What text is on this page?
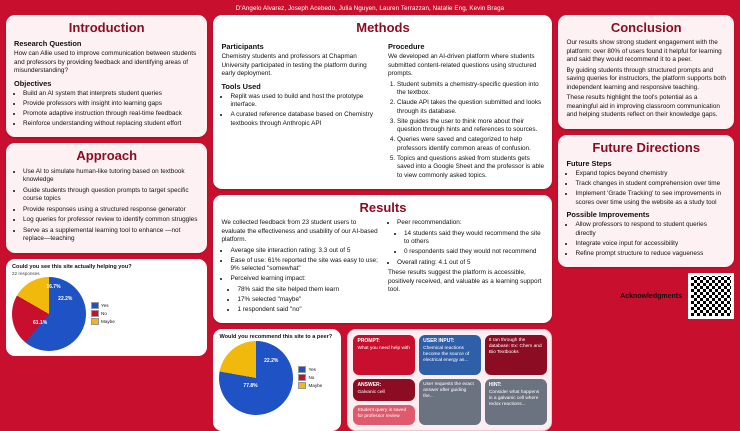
D'Angelo Alvarez, Joseph Acebedo, Julia Nguyen, Lauren Terrazzan, Natalie Eng, Kevin Braga
Introduction
Research Question

How can Allie used to improve communication between students and professors by providing feedback and identifying areas of misunderstanding?

Objectives
• Build an AI system that interprets student queries
• Provide professors with insight into learning gaps
• Promote adaptive instruction through real-time feedback
• Reinforce understanding without replacing student effort
Approach
• Use AI to simulate human-like tutoring based on textbook knowledge
• Guide students through question prompts to target specific course topics
• Provide responses using a structured response generator
• Log queries for professor review to identify common struggles
• Serve as a supplemental learning tool to enhance —not replace—teaching
Could you see this site actually helping you?
22 responses
61.1%
22.2%
16.7%
Yes
No
Maybe
Methods
Participants

Chemistry students and professors at Chapman University participated in testing the platform during early deployment.

Tools Used
• Replit was used to build and host the prototype interface.
• A curated reference database based on Chemistry textbooks through Anthropic API
Procedure

We developed an AI-driven platform where students submitted content-related questions using structured prompts.

1. Student submits a chemistry-specific question into the textbox.
2. Claude API takes the question submitted and looks through its database.
3. Site guides the user to think more about their question through hints and references to sources.
4. Queries were saved and categorized to help professors identify common areas of confusion.
5. Topics and questions asked from students gets saved into a Google Sheet and the professor is able to view commonly asked topics.
Results

We collected feedback from 23 student users to evaluate the effectiveness and usability of our AI-based platform.

• Average site interaction rating: 3.3 out of 5
• Ease of use: 61% reported the site was easy to use; 9% selected "somewhat"
• Perceived learning impact:
• 78% said the site helped them learn
• 17% selected "maybe"
• 1 respondent said "no"
• Peer recommendation:
• 14 students said they would recommend the site to others
• 0 respondents said they would not recommend
• Overall rating: 4.1 out of 5

These results suggest the platform is accessible, positively received, and valuable as a learning support tool.

Would you recommend this site to a peer?
77.8%
22.2%
Yes
No
Maybe
PROMPT:
What you need help with
ANSWER:
Galvanic cell
Student query is saved for professor review
USER INPUT:
Chemical reactions become the source of electrical energy as...
User requests the exact answer after guiding the...
It ran through the database: Ex: Chem and Bio Textbooks
HINT:
Consider what happens in a galvanic cell where redox reactions...
Conclusion

Our results show strong student engagement with the platform: over 80% of users found it helpful for learning and said they would recommend it to a peer.

By guiding students through structured prompts and saving queries for instructors, the platform supports both independent learning and responsive teaching.

These results highlight the tool's potential as a meaningful aid in improving classroom communication and helping students reflect on their knowledge gaps.

Future Directions
Future Steps
• Expand topics beyond chemistry
• Track changes in student comprehension over time
• Implement 'Grade Tracking' to see improvements in scores over time using the website as a study tool
Possible Improvements
• Allow professors to respond to student queries directly
• Integrate voice input for accessibility
• Refine prompt structure to reduce vagueness
Acknowledgments
